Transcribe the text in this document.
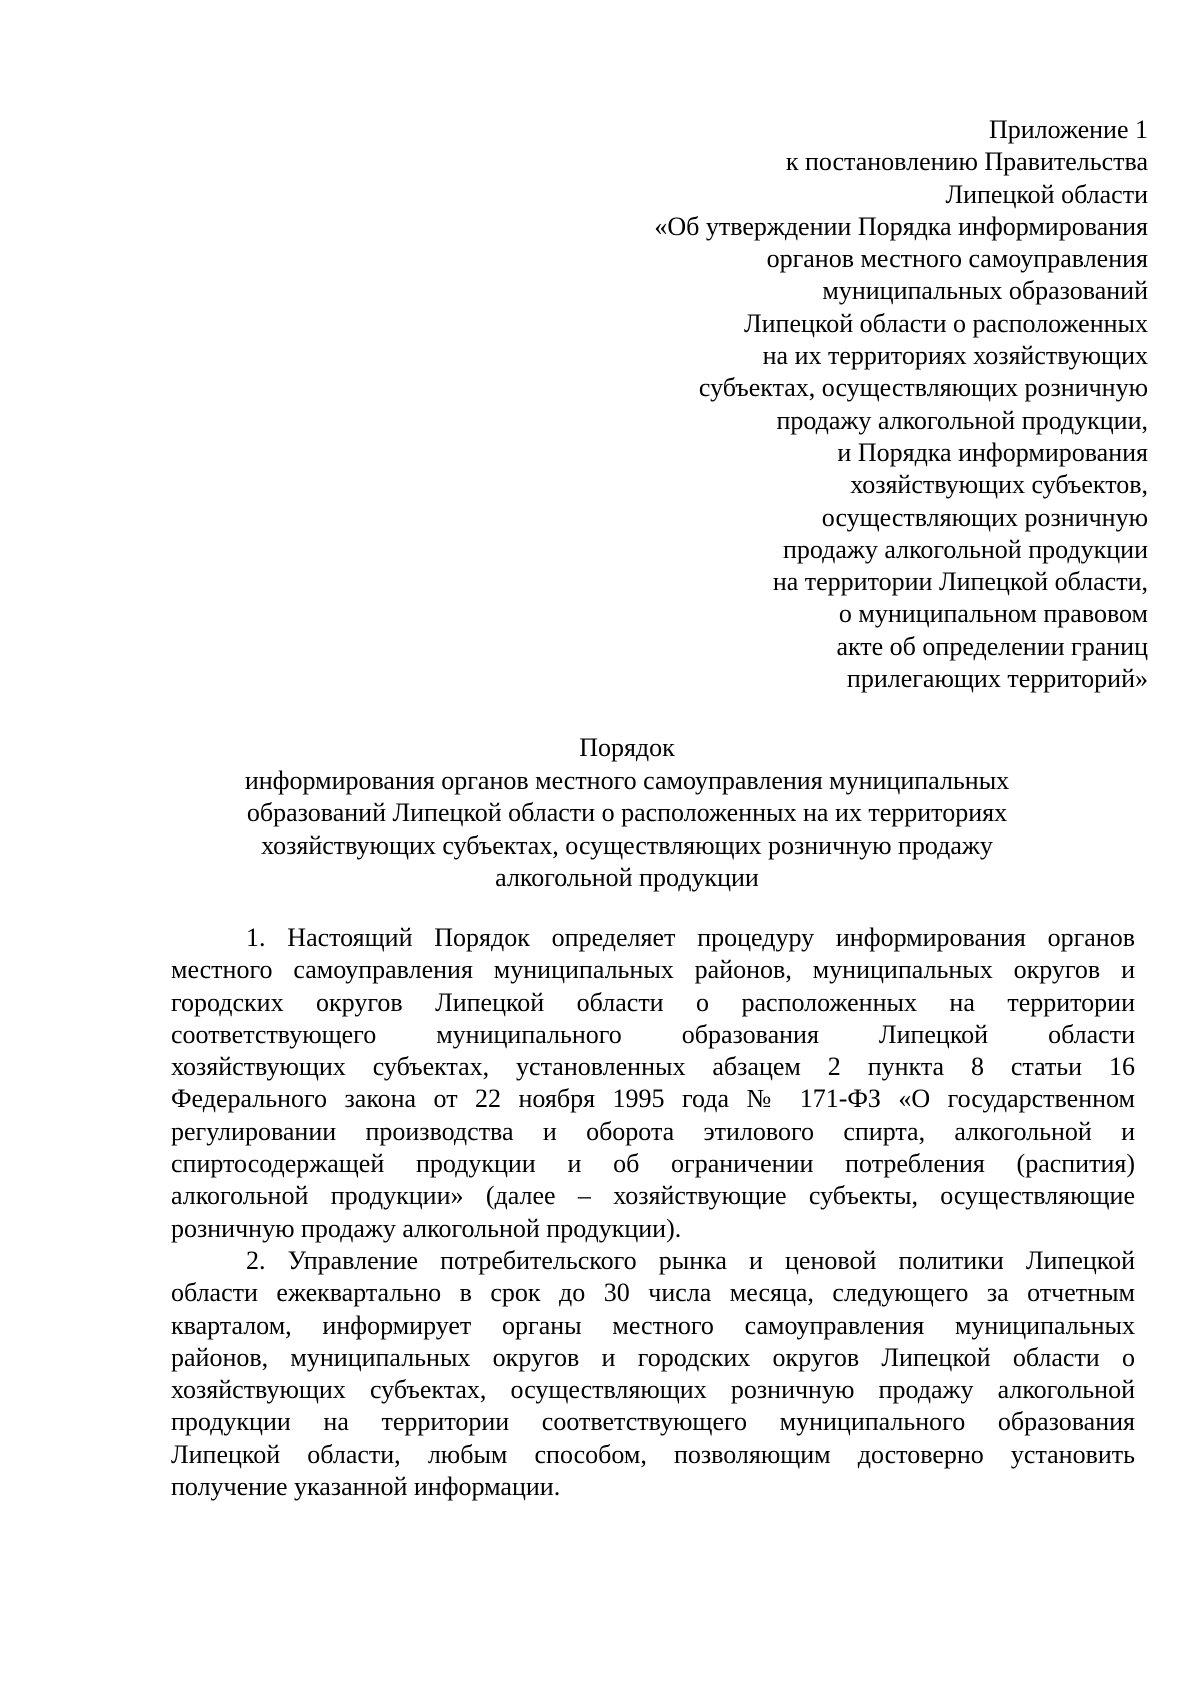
Приложение 1
к постановлению Правительства
Липецкой области
«Об утверждении Порядка информирования
органов местного самоуправления
муниципальных образований
Липецкой области о расположенных
на их территориях хозяйствующих
субъектах, осуществляющих розничную
продажу алкогольной продукции,
и Порядка информирования
хозяйствующих субъектов,
осуществляющих розничную
продажу алкогольной продукции
на территории Липецкой области,
о муниципальном правовом
акте об определении границ
прилегающих территорий»
Порядок
информирования органов местного самоуправления муниципальных
образований Липецкой области о расположенных на их территориях
хозяйствующих субъектах, осуществляющих розничную продажу
алкогольной продукции
1. Настоящий Порядок определяет процедуру информирования органов
местного самоуправления муниципальных районов, муниципальных округов и
городских округов Липецкой области о расположенных на территории
соответствующего муниципального образования Липецкой области
хозяйствующих субъектах, установленных абзацем 2 пункта 8 статьи 16
Федерального закона от 22 ноября 1995 года № 171-ФЗ «О государственном
регулировании производства и оборота этилового спирта, алкогольной и
спиртосодержащей продукции и об ограничении потребления (распития)
алкогольной продукции» (далее – хозяйствующие субъекты, осуществляющие
розничную продажу алкогольной продукции).
2. Управление потребительского рынка и ценовой политики Липецкой
области ежеквартально в срок до 30 числа месяца, следующего за отчетным
кварталом, информирует органы местного самоуправления муниципальных
районов, муниципальных округов и городских округов Липецкой области о
хозяйствующих субъектах, осуществляющих розничную продажу алкогольной
продукции на территории соответствующего муниципального образования
Липецкой области, любым способом, позволяющим достоверно установить
получение указанной информации.
